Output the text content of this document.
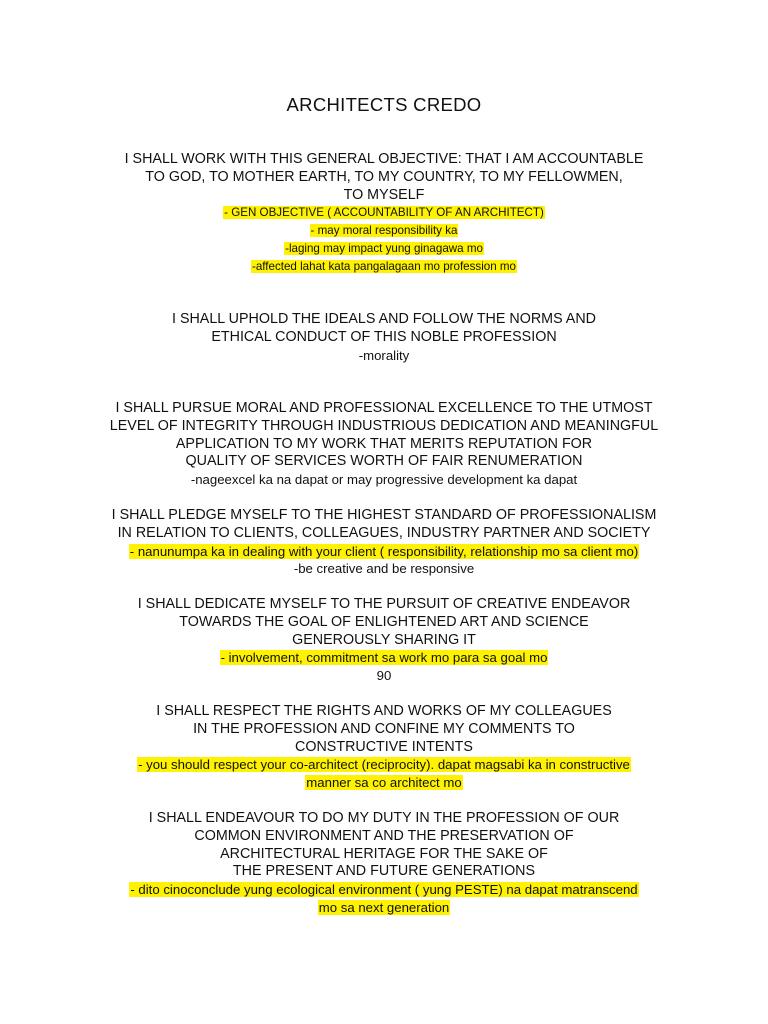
ARCHITECTS CREDO
I SHALL WORK WITH THIS GENERAL OBJECTIVE: THAT I AM ACCOUNTABLE
TO GOD, TO MOTHER EARTH, TO MY COUNTRY, TO MY FELLOWMEN,
TO MYSELF
- GEN OBJECTIVE ( ACCOUNTABILITY OF AN ARCHITECT)
- may moral responsibility ka
-laging may impact yung ginagawa mo
-affected lahat kata pangalagaan mo profession mo
I SHALL UPHOLD THE IDEALS AND FOLLOW THE NORMS AND
ETHICAL CONDUCT OF THIS NOBLE PROFESSION
-morality
I SHALL PURSUE MORAL AND PROFESSIONAL EXCELLENCE TO THE UTMOST
LEVEL OF INTEGRITY THROUGH INDUSTRIOUS DEDICATION AND MEANINGFUL
APPLICATION TO MY WORK THAT MERITS REPUTATION FOR
QUALITY OF SERVICES WORTH OF FAIR RENUMERATION
-nageexcel ka na dapat or may progressive development ka dapat
I SHALL PLEDGE MYSELF TO THE HIGHEST STANDARD OF PROFESSIONALISM
IN RELATION TO CLIENTS, COLLEAGUES, INDUSTRY PARTNER AND SOCIETY
- nanunumpa ka in dealing with your client ( responsibility, relationship mo sa client mo)
-be creative and be responsive
I SHALL DEDICATE MYSELF TO THE PURSUIT OF CREATIVE ENDEAVOR
TOWARDS THE GOAL OF ENLIGHTENED ART AND SCIENCE
GENEROUSLY SHARING IT
- involvement, commitment sa work mo para sa goal mo
90
I SHALL RESPECT THE RIGHTS AND WORKS OF MY COLLEAGUES
IN THE PROFESSION AND CONFINE MY COMMENTS TO
CONSTRUCTIVE INTENTS
- you should respect your co-architect (reciprocity). dapat magsabi ka in constructive
manner sa co architect mo
I SHALL ENDEAVOUR TO DO MY DUTY IN THE PROFESSION OF OUR
COMMON ENVIRONMENT AND THE PRESERVATION OF
ARCHITECTURAL HERITAGE FOR THE SAKE OF
THE PRESENT AND FUTURE GENERATIONS
- dito cinoconclude yung ecological environment ( yung PESTE) na dapat matranscend
mo sa next generation
